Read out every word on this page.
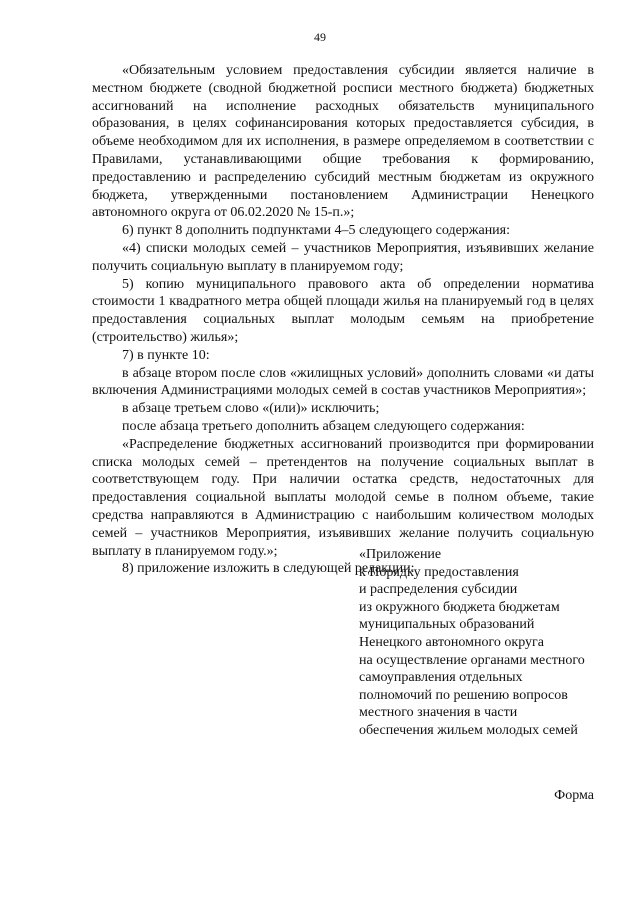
49

«Обязательным условием предоставления субсидии является наличие в местном бюджете (сводной бюджетной росписи местного бюджета) бюджетных ассигнований на исполнение расходных обязательств муниципального образования, в целях софинансирования которых предоставляется субсидия, в объеме необходимом для их исполнения, в размере определяемом в соответствии с Правилами, устанавливающими общие требования к формированию, предоставлению и распределению субсидий местным бюджетам из окружного бюджета, утвержденными постановлением Администрации Ненецкого автономного округа от 06.02.2020 № 15-п.»;

6) пункт 8 дополнить подпунктами 4–5 следующего содержания:

«4) списки молодых семей – участников Мероприятия, изъявивших желание получить социальную выплату в планируемом году;

5) копию муниципального правового акта об определении норматива стоимости 1 квадратного метра общей площади жилья на планируемый год в целях предоставления социальных выплат молодым семьям на приобретение (строительство) жилья»;

7) в пункте 10:

в абзаце втором после слов «жилищных условий» дополнить словами «и даты включения Администрациями молодых семей в состав участников Мероприятия»;

в абзаце третьем слово «(или)» исключить;

после абзаца третьего дополнить абзацем следующего содержания:

«Распределение бюджетных ассигнований производится при формировании списка молодых семей – претендентов на получение социальных выплат в соответствующем году. При наличии остатка средств, недостаточных для предоставления социальной выплаты молодой семье в полном объеме, такие средства направляются в Администрацию с наибольшим количеством молодых семей – участников Мероприятия, изъявивших желание получить социальную выплату в планируемом году.»;

8) приложение изложить в следующей редакции:

«Приложение
к Порядку предоставления
и распределения субсидии
из окружного бюджета бюджетам
муниципальных образований
Ненецкого автономного округа
на осуществление органами местного
самоуправления отдельных
полномочий по решению вопросов
местного значения в части
обеспечения жильем молодых семей
Форма
